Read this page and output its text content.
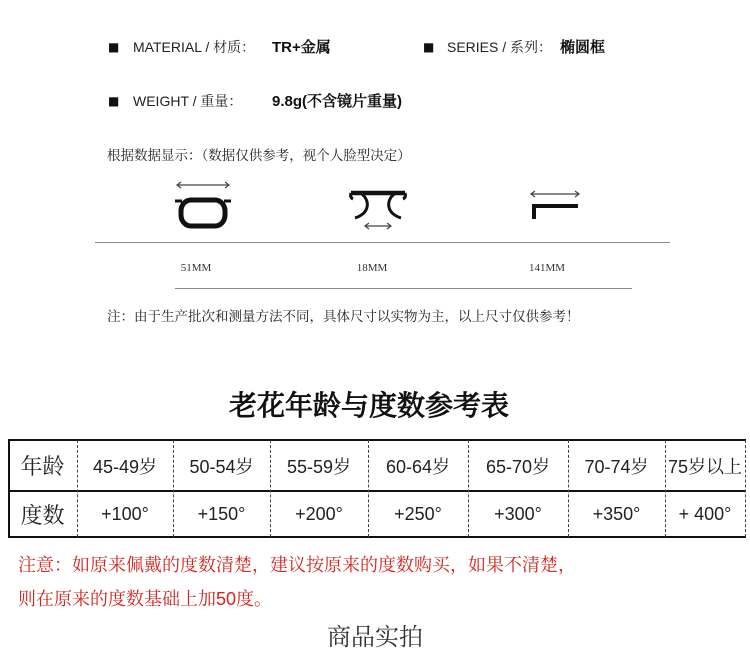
■ MATERIAL / 材质： TR+金属	■ SERIES / 系列： 椭圆框
■ WEIGHT / 重量： 9.8g(不含镜片重量)
根据数据显示：（数据仅供参考，视个人脸型决定）
51MM	18MM	141MM
注：由于生产批次和测量方法不同，具体尺寸以实物为主，以上尺寸仅供参考！
老花年龄与度数参考表
年龄	45-49岁	50-54岁	55-59岁	60-64岁	65-70岁	70-74岁	75岁以上
度数	+100°	+150°	+200°	+250°	+300°	+350°	+ 400°
注意：如原来佩戴的度数清楚，建议按原来的度数购买，如果不清楚，
则在原来的度数基础上加50度。
商品实拍
